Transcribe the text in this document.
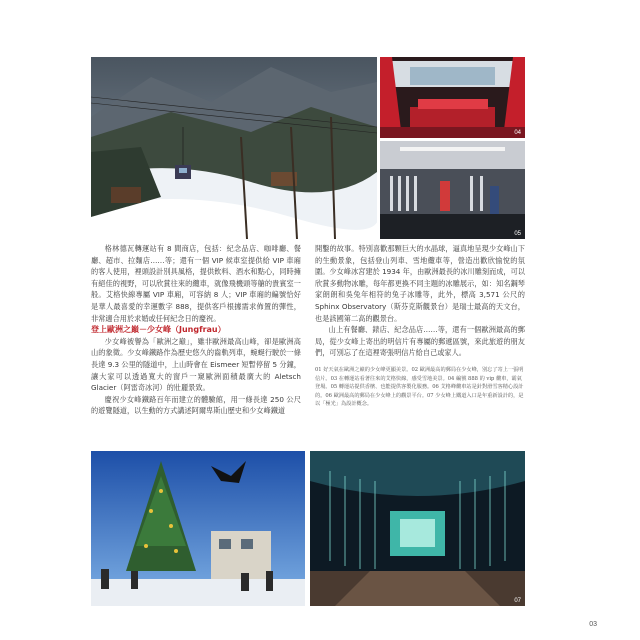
04
05

格林德瓦轉運站有 8 間商店，包括：紀念品店、咖啡廳、餐廳、超市、拉麵店……等；還有一個 VIP 候車室提供給 VIP 車廂的客人使用，裡頭設計別具風格，提供飲料、酒水和點心，同時擁有絕佳的視野，可以欣賞往來的纜車，就像飛機頭等艙的貴賓室一般。艾格快線專屬 VIP 車廂，可容納 8 人；VIP 車廂的編號恰好是華人最喜愛的幸運數字 888，提供客戶根據需求佈置的彈性，非常適合用於求婚或任何紀念日的慶祝。

登上歐洲之巔－少女峰（Jungfrau）

少女峰被譽為「歐洲之巔」，雖非歐洲最高山峰，卻是歐洲高山的象徵。少女峰鐵路作為歷史悠久的齒軌列車，蜿蜒行駛於一條長達 9.3 公里的隧道中，上山時會在 Eismeer 短暫停留 5 分鐘，讓大家可以透過寬大的窗戶一窺歐洲面積最廣大的 Aletsch Glacier（阿雷奇冰河）的壯麗景致。

慶祝少女峰鐵路百年而建立的體驗館，用一條長達 250 公尺的遊覽隧道，以生動的方式講述阿爾卑斯山歷史和少女峰鐵道

開鑿的故事。特別喜歡那顆巨大的水晶球，逼真地呈現少女峰山下的生動景象，包括登山列車、雪地纜車等，營造出歡欣愉悅的氛圍。少女峰冰宮建於 1934 年，由歐洲最長的冰川雕刻而成，可以欣賞多動物冰雕，每年都更換不同主題的冰雕展示，如：知名鋼琴家朗朗和吳兔年相符的兔子冰雕等，此外，標高 3,571 公尺的 Sphinx Observatory（斯芬克斯觀景台）是瑞士最高的天文台，也是該國第二高的觀景台。

山上有餐廳、錶店、紀念品店……等，還有一個歐洲最高的郵局，從少女峰上寄出的明信片有專屬的郵遞區號，來此旅遊的朋友們，可別忘了在這裡寄張明信片給自己或家人。

01 好天氣在歐洲之巔的少女峰更顯美景。02 歐洲最高的郵局在少女峰，別忘了寄上一張明信片。03 在轉運站看著往來的艾格快線，感受雪地美景。04 編號 888 的 vip 纜車，霸氣登場。05 轉運站提供香檳、也能提供客製化服務。06 艾格峰纜車站是針對滑雪客精心設計的。06 歐洲最高的郵局在少女峰上的觀景平台。07 少女峰上鐵道入口是年重新設計的，是以「極光」為設計概念。
07
03
